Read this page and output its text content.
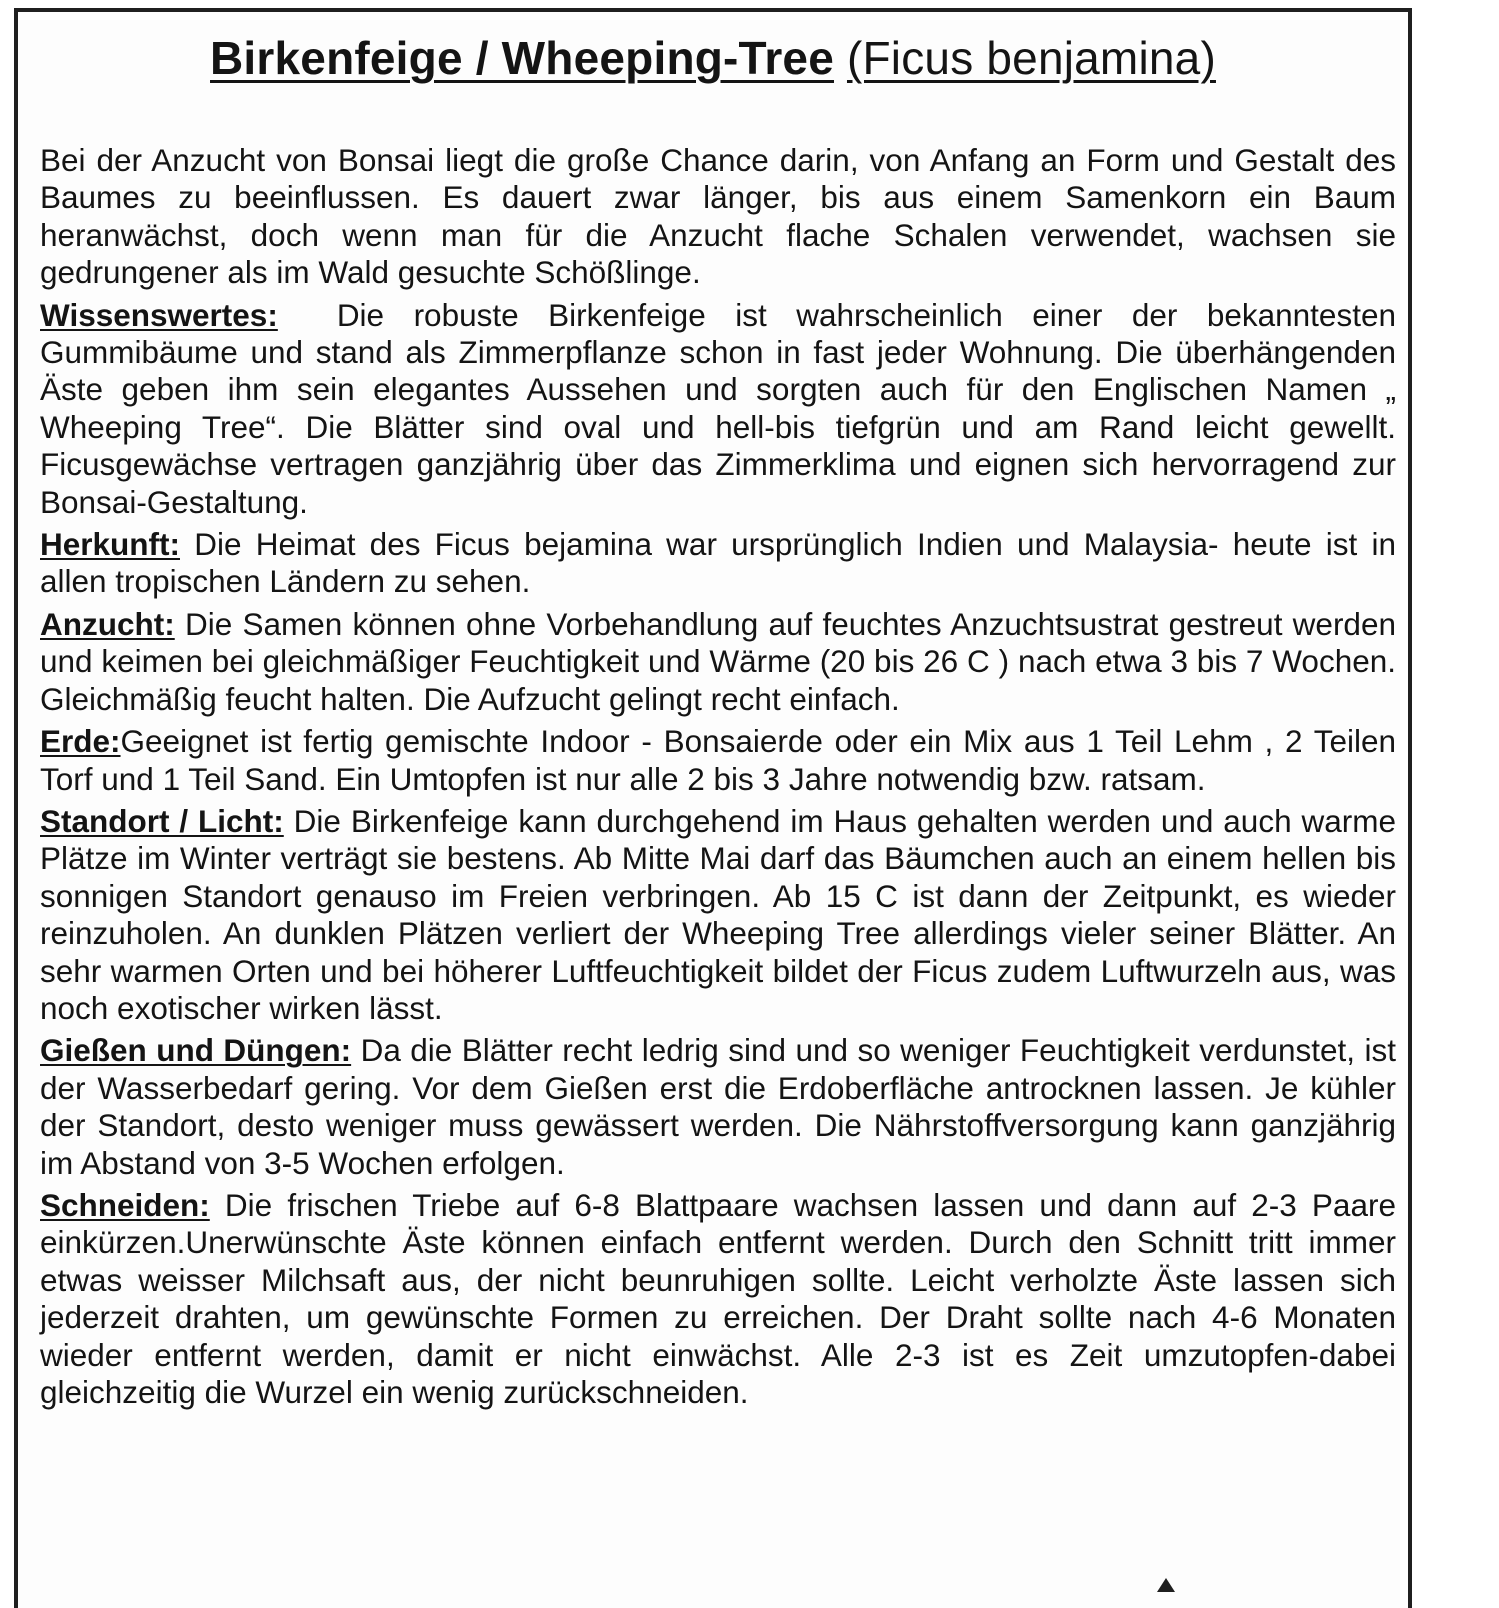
Birkenfeige / Wheeping-Tree (Ficus benjamina)

Bei der Anzucht von Bonsai liegt die große Chance darin, von Anfang an Form und Gestalt des Baumes zu beeinflussen. Es dauert zwar länger, bis aus einem Samenkorn ein Baum heranwächst, doch wenn man für die Anzucht flache Schalen verwendet, wachsen sie gedrungener als im Wald gesuchte Schößlinge.

Wissenswertes: Die robuste Birkenfeige ist wahrscheinlich einer der bekanntesten Gummibäume und stand als Zimmerpflanze schon in fast jeder Wohnung. Die überhängenden Äste geben ihm sein elegantes Aussehen und sorgten auch für den Englischen Namen „ Wheeping Tree“. Die Blätter sind oval und hell-bis tiefgrün und am Rand leicht gewellt. Ficusgewächse vertragen ganzjährig über das Zimmerklima und eignen sich hervorragend zur Bonsai-Gestaltung.

Herkunft: Die Heimat des Ficus bejamina war ursprünglich Indien und Malaysia- heute ist in allen tropischen Ländern zu sehen.

Anzucht: Die Samen können ohne Vorbehandlung auf feuchtes Anzuchtsustrat gestreut werden und keimen bei gleichmäßiger Feuchtigkeit und Wärme (20 bis 26 C ) nach etwa 3 bis 7 Wochen. Gleichmäßig feucht halten. Die Aufzucht gelingt recht einfach.

Erde:Geeignet ist fertig gemischte Indoor - Bonsaierde oder ein Mix aus 1 Teil Lehm , 2 Teilen Torf und 1 Teil Sand. Ein Umtopfen ist nur alle 2 bis 3 Jahre notwendig bzw. ratsam.

Standort / Licht: Die Birkenfeige kann durchgehend im Haus gehalten werden und auch warme Plätze im Winter verträgt sie bestens. Ab Mitte Mai darf das Bäumchen auch an einem hellen bis sonnigen Standort genauso im Freien verbringen. Ab 15 C ist dann der Zeitpunkt, es wieder reinzuholen. An dunklen Plätzen verliert der Wheeping Tree allerdings vieler seiner Blätter. An sehr warmen Orten und bei höherer Luftfeuchtigkeit bildet der Ficus zudem Luftwurzeln aus, was noch exotischer wirken lässt.

Gießen und Düngen: Da die Blätter recht ledrig sind und so weniger Feuchtigkeit verdunstet, ist der Wasserbedarf gering. Vor dem Gießen erst die Erdoberfläche antrocknen lassen. Je kühler der Standort, desto weniger muss gewässert werden. Die Nährstoffversorgung kann ganzjährig im Abstand von 3-5 Wochen erfolgen.

Schneiden: Die frischen Triebe auf 6-8 Blattpaare wachsen lassen und dann auf 2-3 Paare einkürzen.Unerwünschte Äste können einfach entfernt werden. Durch den Schnitt tritt immer etwas weisser Milchsaft aus, der nicht beunruhigen sollte. Leicht verholzte Äste lassen sich jederzeit drahten, um gewünschte Formen zu erreichen. Der Draht sollte nach 4-6 Monaten wieder entfernt werden, damit er nicht einwächst. Alle 2-3 ist es Zeit umzutopfen-dabei gleichzeitig die Wurzel ein wenig zurückschneiden.
